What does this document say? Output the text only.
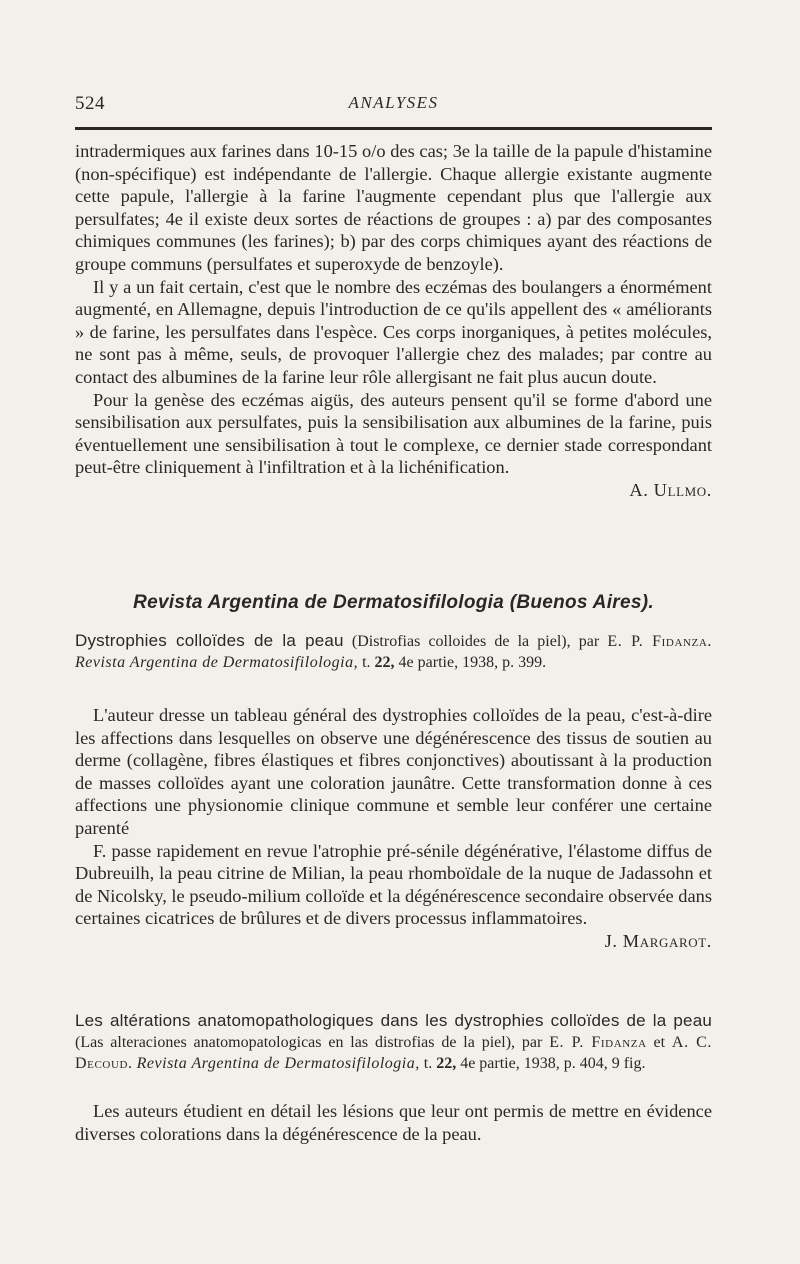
524	ANALYSES

intradermiques aux farines dans 10-15 o/o des cas; 3e la taille de la papule d'histamine (non-spécifique) est indépendante de l'allergie. Chaque allergie existante augmente cette papule, l'allergie à la farine l'augmente cependant plus que l'allergie aux persulfates; 4e il existe deux sortes de réactions de groupes : a) par des composantes chimiques communes (les farines); b) par des corps chimiques ayant des réactions de groupe communs (persulfates et superoxyde de benzoyle).

Il y a un fait certain, c'est que le nombre des eczémas des boulangers a énormément augmenté, en Allemagne, depuis l'introduction de ce qu'ils appellent des « améliorants » de farine, les persulfates dans l'espèce. Ces corps inorganiques, à petites molécules, ne sont pas à même, seuls, de provoquer l'allergie chez des malades; par contre au contact des albumines de la farine leur rôle allergisant ne fait plus aucun doute.

Pour la genèse des eczémas aigüs, des auteurs pensent qu'il se forme d'abord une sensibilisation aux persulfates, puis la sensibilisation aux albumines de la farine, puis éventuellement une sensibilisation à tout le complexe, ce dernier stade correspondant peut-être cliniquement à l'infiltration et à la lichénification.

A. Ullmo.

Revista Argentina de Dermatosifilologia (Buenos Aires).

Dystrophies colloïdes de la peau (Distrofias colloides de la piel), par E. P. Fidanza. Revista Argentina de Dermatosifilologia, t. 22, 4e partie, 1938, p. 399.

L'auteur dresse un tableau général des dystrophies colloïdes de la peau, c'est-à-dire les affections dans lesquelles on observe une dégénérescence des tissus de soutien au derme (collagène, fibres élastiques et fibres conjonctives) aboutissant à la production de masses colloïdes ayant une coloration jaunâtre. Cette transformation donne à ces affections une physionomie clinique commune et semble leur conférer une certaine parenté

F. passe rapidement en revue l'atrophie pré-sénile dégénérative, l'élastome diffus de Dubreuilh, la peau citrine de Milian, la peau rhomboïdale de la nuque de Jadassohn et de Nicolsky, le pseudo-milium colloïde et la dégénérescence secondaire observée dans certaines cicatrices de brûlures et de divers processus inflammatoires.

J. Margarot.

Les altérations anatomopathologiques dans les dystrophies colloïdes de la peau (Las alteraciones anatomopatologicas en las distrofias de la piel), par E. P. Fidanza et A. C. Decoud. Revista Argentina de Dermatosifilologia, t. 22, 4e partie, 1938, p. 404, 9 fig.

Les auteurs étudient en détail les lésions que leur ont permis de mettre en évidence diverses colorations dans la dégénérescence de la peau.
